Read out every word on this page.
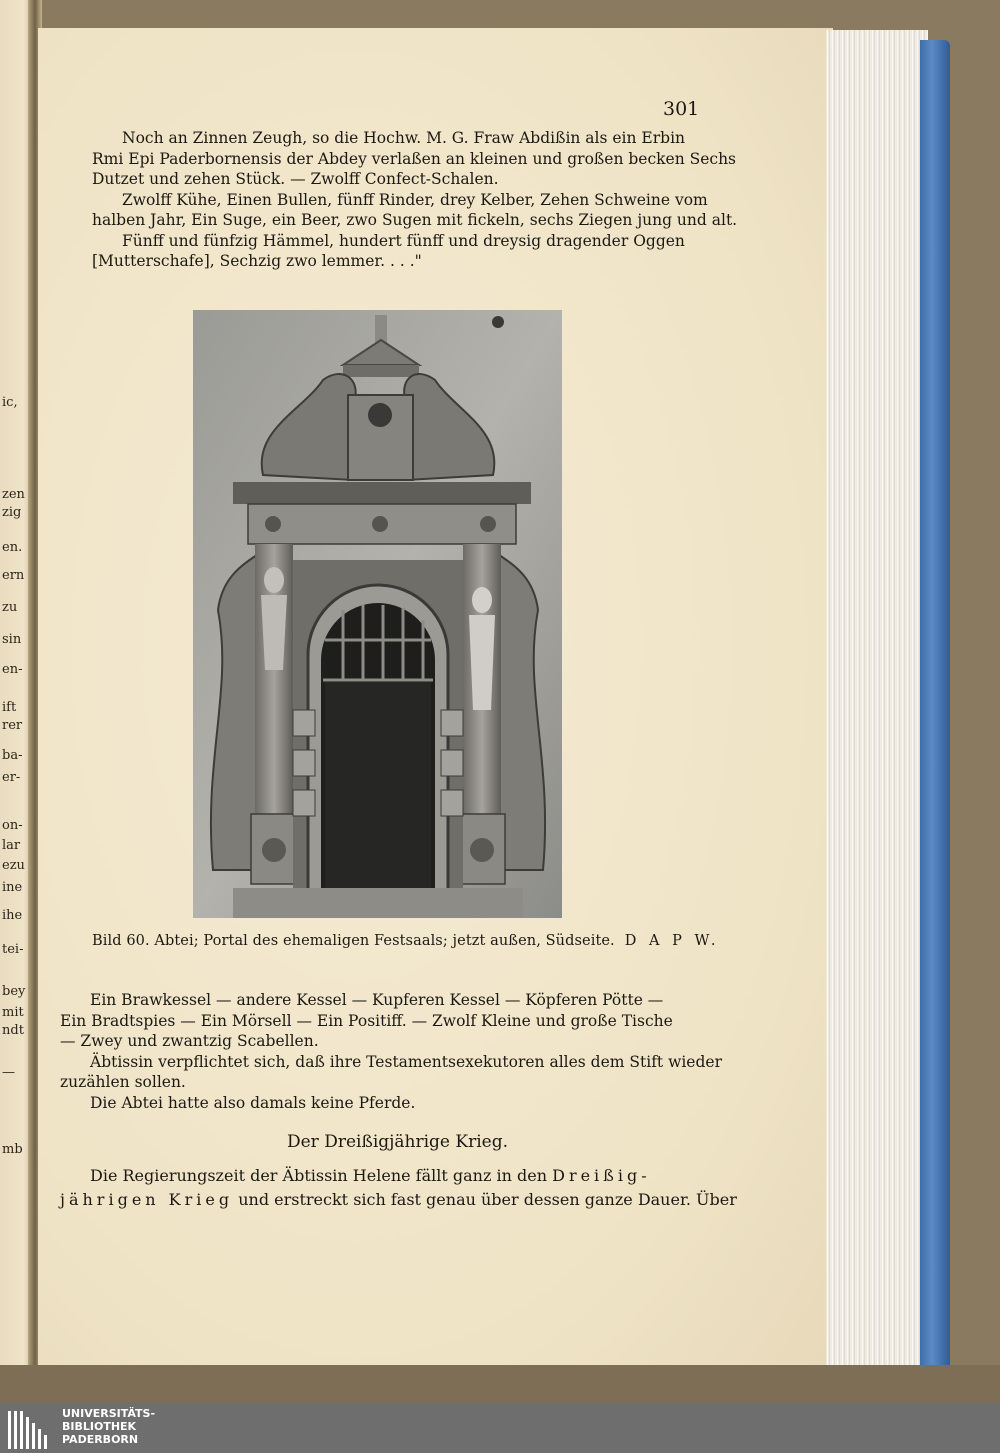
ic,
zen
zig
en.
ern
zu
sin
en-
ift
rer
ba-
er-
on-
lar
ezu
ine
ihe
tei-
bey
mit
ndt
—
mb
301
Noch an Zinnen Zeugh, so die Hochw. M. G. Fraw Abdißin als ein Erbin
Rmi Epi Paderbornensis der Abdey verlaßen an kleinen und großen becken Sechs
Dutzet und zehen Stück. — Zwolff Confect-Schalen.
Zwolff Kühe, Einen Bullen, fünff Rinder, drey Kelber, Zehen Schweine vom
halben Jahr, Ein Suge, ein Beer, zwo Sugen mit fickeln, sechs Ziegen jung und alt.
Fünff und fünfzig Hämmel, hundert fünff und dreysig dragender Oggen
[Mutterschafe], Sechzig zwo lemmer. . . ."
Bild 60. Abtei; Portal des ehemaligen Festsaals; jetzt außen, Südseite. D A P W.
Ein Brawkessel — andere Kessel — Kupferen Kessel — Köpferen Pötte —
Ein Bradtspies — Ein Mörsell — Ein Positiff. — Zwolf Kleine und große Tische
— Zwey und zwantzig Scabellen.
Äbtissin verpflichtet sich, daß ihre Testamentsexekutoren alles dem Stift wieder
zuzählen sollen.
Die Abtei hatte also damals keine Pferde.
Der Dreißigjährige Krieg.
Die Regierungszeit der Äbtissin Helene fällt ganz in den Dreißig-
jährigen Krieg und erstreckt sich fast genau über dessen ganze Dauer. Über
UNIVERSITÄTS-
BIBLIOTHEK
PADERBORN
